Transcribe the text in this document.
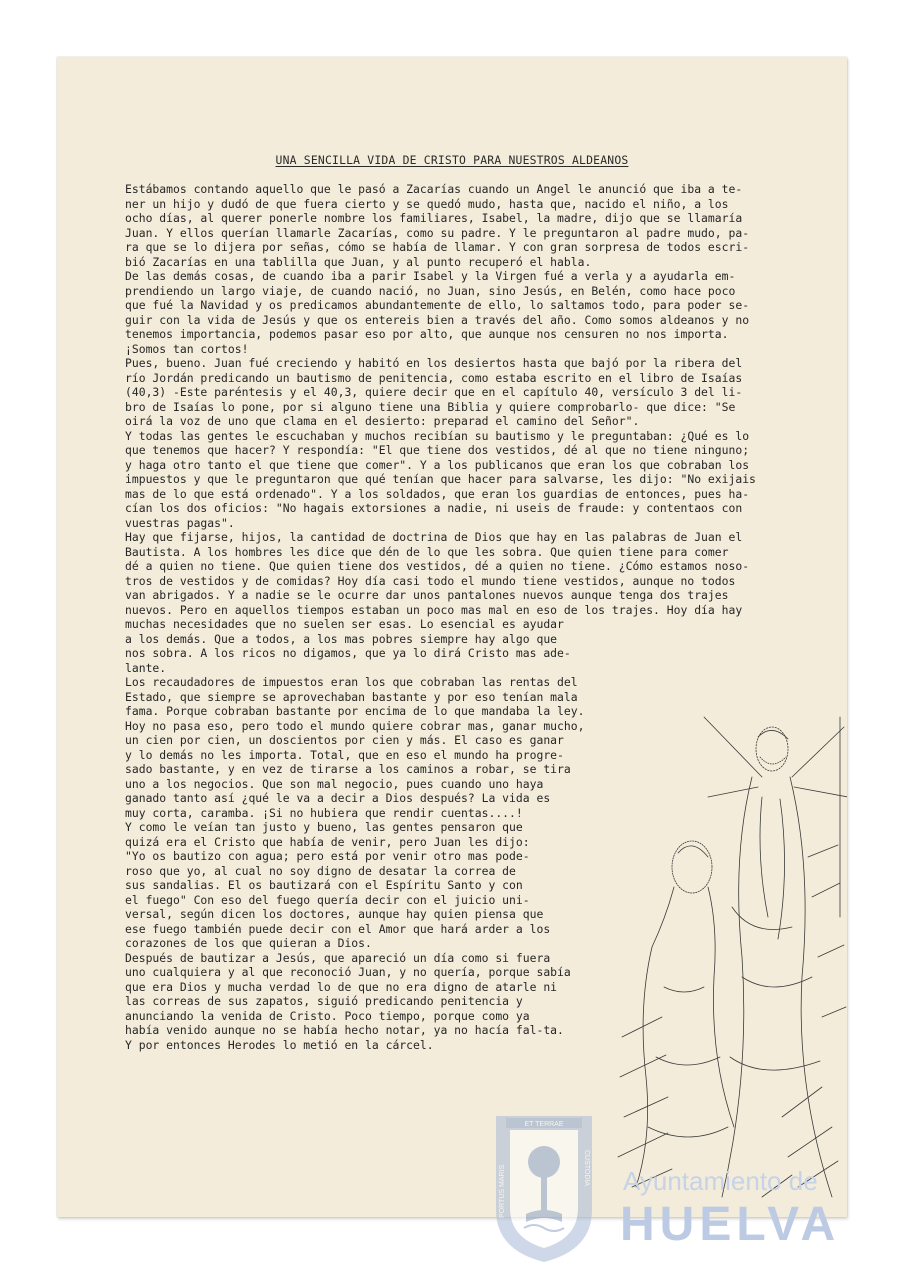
UNA SENCILLA VIDA DE CRISTO PARA NUESTROS ALDEANOS
Estábamos contando aquello que le pasó a Zacarías cuando un Angel le anunció que iba a te-
ner un hijo y dudó de que fuera cierto y se quedó mudo, hasta que, nacido el niño, a los
ocho días, al querer ponerle nombre los familiares, Isabel, la madre, dijo que se llamaría
Juan. Y ellos querían llamarle Zacarías, como su padre. Y le preguntaron al padre mudo, pa-
ra que se lo dijera por señas, cómo se había de llamar. Y con gran sorpresa de todos escri-
bió Zacarías en una tablilla que Juan, y al punto recuperó el habla.
De las demás cosas, de cuando iba a parir Isabel y la Virgen fué a verla y a ayudarla em-
prendiendo un largo viaje, de cuando nació, no Juan, sino Jesús, en Belén, como hace poco
que fué la Navidad y os predicamos abundantemente de ello, lo saltamos todo, para poder se-
guir con la vida de Jesús y que os entereis bien a través del año. Como somos aldeanos y no
tenemos importancia, podemos pasar eso por alto, que aunque nos censuren no nos importa.
¡Somos tan cortos!
Pues, bueno. Juan fué creciendo y habitó en los desiertos hasta que bajó por la ribera del
río Jordán predicando un bautismo de penitencia, como estaba escrito en el libro de Isaías
(40,3) -Este paréntesis y el 40,3, quiere decir que en el capítulo 40, versículo 3 del li-
bro de Isaías lo pone, por si alguno tiene una Biblia y quiere comprobarlo- que dice: "Se
oirá la voz de uno que clama en el desierto: preparad el camino del Señor".
Y todas las gentes le escuchaban y muchos recibían su bautismo y le preguntaban: ¿Qué es lo
que tenemos que hacer? Y respondía: "El que tiene dos vestidos, dé al que no tiene ninguno;
y haga otro tanto el que tiene que comer". Y a los publicanos que eran los que cobraban los
impuestos y que le preguntaron que qué tenían que hacer para salvarse, les dijo: "No exijais
mas de lo que está ordenado". Y a los soldados, que eran los guardias de entonces, pues ha-
cían los dos oficios: "No hagais extorsiones a nadie, ni useis de fraude: y contentaos con
vuestras pagas".
Hay que fijarse, hijos, la cantidad de doctrina de Dios que hay en las palabras de Juan el
Bautista. A los hombres les dice que dén de lo que les sobra. Que quien tiene para comer
dé a quien no tiene. Que quien tiene dos vestidos, dé a quien no tiene. ¿Cómo estamos noso-
tros de vestidos y de comidas? Hoy día casi todo el mundo tiene vestidos, aunque no todos
van abrigados. Y a nadie se le ocurre dar unos pantalones nuevos aunque tenga dos trajes
nuevos. Pero en aquellos tiempos estaban un poco mas mal en eso de los trajes. Hoy día hay
muchas necesidades que no suelen ser esas. Lo esencial es ayudar
a los demás. Que a todos, a los mas pobres siempre hay algo que
nos sobra. A los ricos no digamos, que ya lo dirá Cristo mas ade-
lante.
Los recaudadores de impuestos eran los que cobraban las rentas del
Estado, que siempre se aprovechaban bastante y por eso tenían mala
fama. Porque cobraban bastante por encima de lo que mandaba la ley.
Hoy no pasa eso, pero todo el mundo quiere cobrar mas, ganar mucho,
un cien por cien, un doscientos por cien y más. El caso es ganar
y lo demás no les importa. Total, que en eso el mundo ha progre-
sado bastante, y en vez de tirarse a los caminos a robar, se tira
uno a los negocios. Que son mal negocio, pues cuando uno haya
ganado tanto así ¿qué le va a decir a Dios después? La vida es
muy corta, caramba. ¡Si no hubiera que rendir cuentas....!
Y como le veían tan justo y bueno, las gentes pensaron que
quizá era el Cristo que había de venir, pero Juan les dijo:
"Yo os bautizo con agua; pero está por venir otro mas pode-
roso que yo, al cual no soy digno de desatar la correa de
sus sandalias. El os bautizará con el Espíritu Santo y con
el fuego" Con eso del fuego quería decir con el juicio uni-
versal, según dicen los doctores, aunque hay quien piensa que
ese fuego también puede decir con el Amor que hará arder a los
corazones de los que quieran a Dios.
Después de bautizar a Jesús, que apareció un día como si fuera
uno cualquiera y al que reconoció Juan, y no quería, porque sabía
que era Dios y mucha verdad lo de que no era digno de atarle ni
las correas de sus zapatos, siguió predicando penitencia y
anunciando la venida de Cristo. Poco tiempo, porque como ya
había venido aunque no se había hecho notar, ya no hacía fal-ta.
Y por entonces Herodes lo metió en la cárcel.
ET TERRAE
PORTUS MARIS	CUSTODIA Ayuntamiento de
HUELVA
